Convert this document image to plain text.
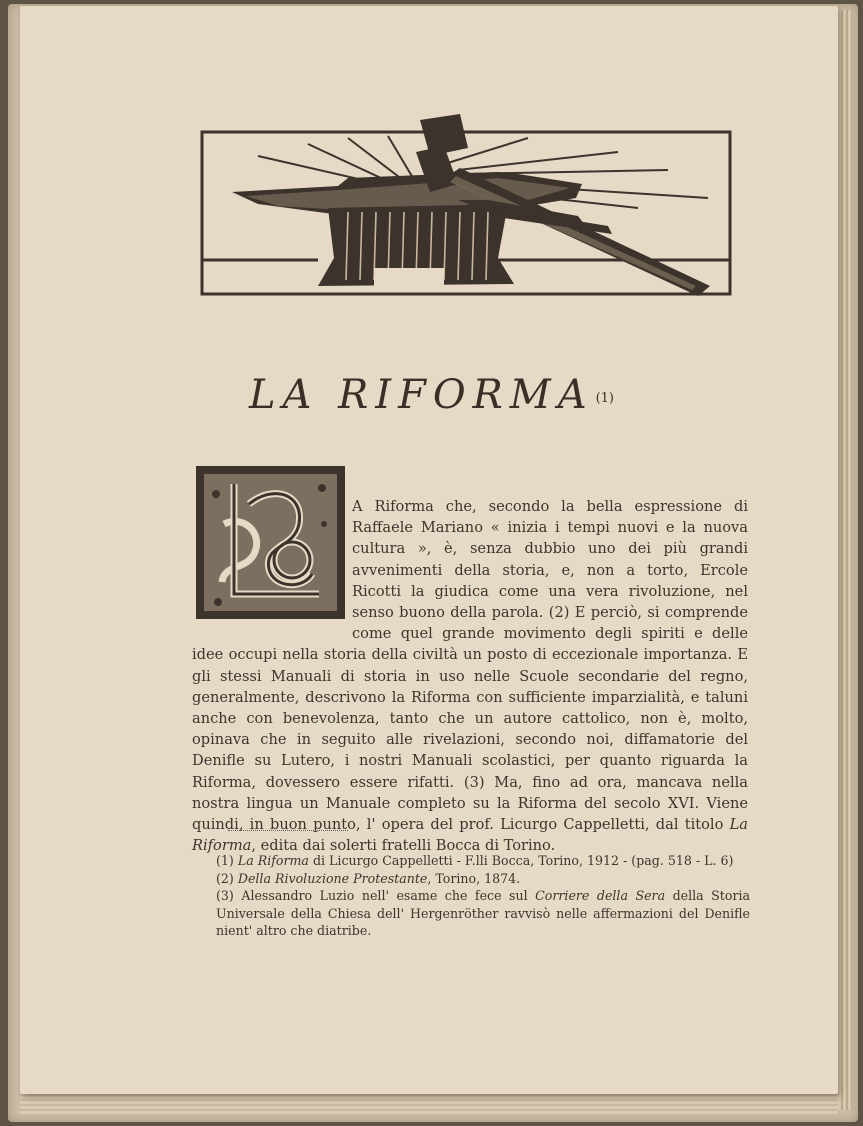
LA RIFORMA $^{(1)}$
A Riforma che, secondo la bella espressione di Raffaele Mariano « inizia i tempi nuovi e la nuova cultura », è, senza dubbio uno dei più grandi avvenimenti della storia, e, non a torto, Ercole Ricotti la giudica come una vera rivoluzione, nel senso buono della parola. (2) E perciò, si comprende come quel grande movimento degli spiriti e delle idee occupi nella storia della civiltà un posto di eccezionale importanza. E gli stessi Manuali di storia in uso nelle Scuole secondarie del regno, generalmente, descrivono la Riforma con sufficiente imparzialità, e taluni anche con benevolenza, tanto che un autore cattolico, non è, molto, opinava che in seguito alle rivelazioni, secondo noi, diffamatorie del Denifle su Lutero, i nostri Manuali scolastici, per quanto riguarda la Riforma, dovessero essere rifatti. (3) Ma, fino ad ora, mancava nella nostra lingua un Manuale completo su la Riforma del secolo XVI. Viene quindi, in buon punto, l' opera del prof. Licurgo Cappelletti, dal titolo La Riforma, edita dai solerti fratelli Bocca di Torino.

(1) La Riforma di Licurgo Cappelletti - F.lli Bocca, Torino, 1912 - (pag. 518 - L. 6)

(2) Della Rivoluzione Protestante, Torino, 1874.

(3) Alessandro Luzio nell' esame che fece sul Corriere della Sera della Storia Universale della Chiesa dell' Hergenröther ravvisò nelle affermazioni del Denifle nient' altro che diatribe.
